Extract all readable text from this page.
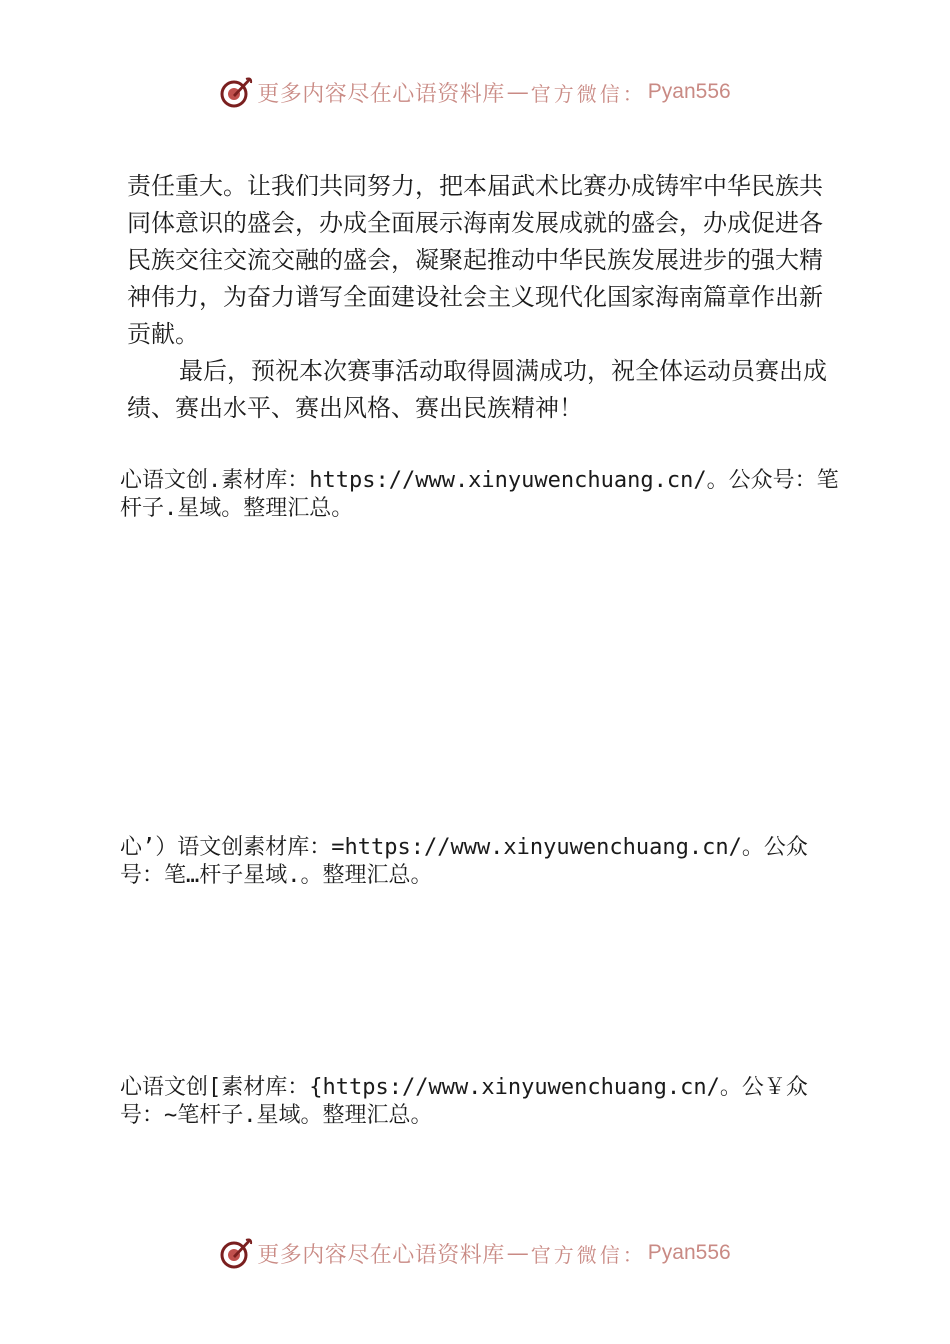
更多内容尽在心语资料库 — 官方微信： Pyan556

责任重大。让我们共同努力，把本届武术比赛办成铸牢中华民族共同体意识的盛会，办成全面展示海南发展成就的盛会，办成促进各民族交往交流交融的盛会，凝聚起推动中华民族发展进步的强大精神伟力，为奋力谱写全面建设社会主义现代化国家海南篇章作出新贡献。

最后，预祝本次赛事活动取得圆满成功，祝全体运动员赛出成绩、赛出水平、赛出风格、赛出民族精神！

心语文创.素材库：https://www.xinyuwenchuang.cn/。公众号：笔杆子.星域。整理汇总。
心’）语文创素材库：=https://www.xinyuwenchuang.cn/。公众号：笔…杆子星域.。整理汇总。
心语文创[素材库：{https://www.xinyuwenchuang.cn/。公￥众号：~笔杆子.星域。整理汇总。
更多内容尽在心语资料库 — 官方微信： Pyan556
